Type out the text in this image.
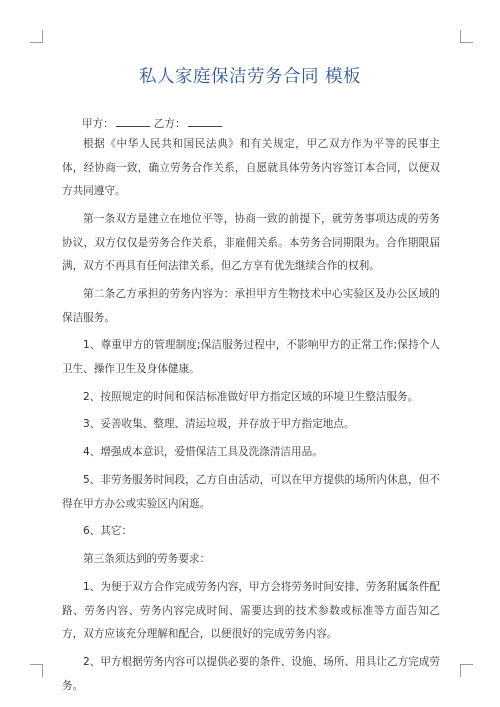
私人家庭保洁劳务合同 模板
甲方：	乙方：

根据《中华人民共和国民法典》和有关规定，甲乙双方作为平等的民事主体，经协商一致，确立劳务合作关系，自愿就具体劳务内容签订本合同，以便双方共同遵守。

第一条双方是建立在地位平等，协商一致的前提下，就劳务事项达成的劳务协议，双方仅仅是劳务合作关系，非雇佣关系。本劳务合同期限为。合作期限届满，双方不再具有任何法律关系，但乙方享有优先继续合作的权利。

第二条乙方承担的劳务内容为：承担甲方生物技术中心实验区及办公区域的保洁服务。

1、尊重甲方的管理制度;保洁服务过程中，不影响甲方的正常工作;保持个人卫生、操作卫生及身体健康。

2、按照规定的时间和保洁标准做好甲方指定区域的环境卫生整洁服务。

3、妥善收集、整理、清运垃圾，并存放于甲方指定地点。

4、增强成本意识，爱惜保洁工具及洗涤清洁用品。

5、非劳务服务时间段，乙方自由活动，可以在甲方提供的场所内休息，但不得在甲方办公或实验区内闲逛。

6、其它：

第三条须达到的劳务要求：

1、为便于双方合作完成劳务内容，甲方会将劳务时间安排、劳务附属条件配路、劳务内容、劳务内容完成时间、需要达到的技术参数或标准等方面告知乙方，双方应该充分理解和配合，以便很好的完成劳务内容。

2、甲方根据劳务内容可以提供必要的条件、设施、场所、用具让乙方完成劳务。
